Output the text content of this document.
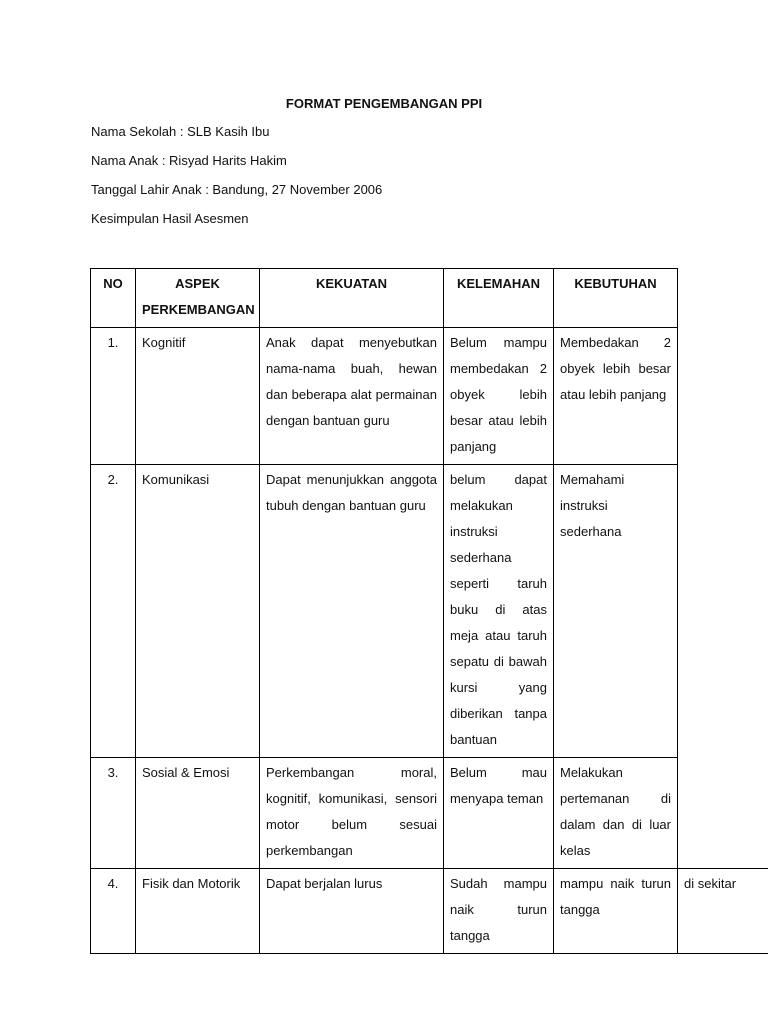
FORMAT PENGEMBANGAN PPI
Nama Sekolah : SLB Kasih Ibu
Nama Anak : Risyad Harits Hakim
Tanggal Lahir Anak : Bandung, 27 November 2006
Kesimpulan Hasil Asesmen
NO	ASPEK PERKEMBANGAN	KEKUATAN	KELEMAHAN	KEBUTUHAN	
1.	Kognitif	Anak dapat menyebutkan nama-nama buah, hewan dan beberapa alat permainan dengan bantuan guru	Belum mampu membedakan 2 obyek lebih besar atau lebih panjang	Membedakan 2 obyek lebih besar atau lebih panjang	
2.	Komunikasi	Dapat menunjukkan anggota tubuh dengan bantuan guru	belum dapat melakukan instruksi sederhana seperti taruh buku di atas meja atau taruh sepatu di bawah kursi yang diberikan tanpa bantuan	Memahami instruksi sederhana	
3.	Sosial & Emosi	Perkembangan moral, kognitif, komunikasi, sensori motor belum sesuai perkembangan	Belum mau menyapa teman	Melakukan pertemanan di dalam dan di luar kelas	
4.	Fisik dan Motorik	Dapat berjalan lurus	Sudah mampu naik turun tangga	mampu naik turun tangga	di sekitar
